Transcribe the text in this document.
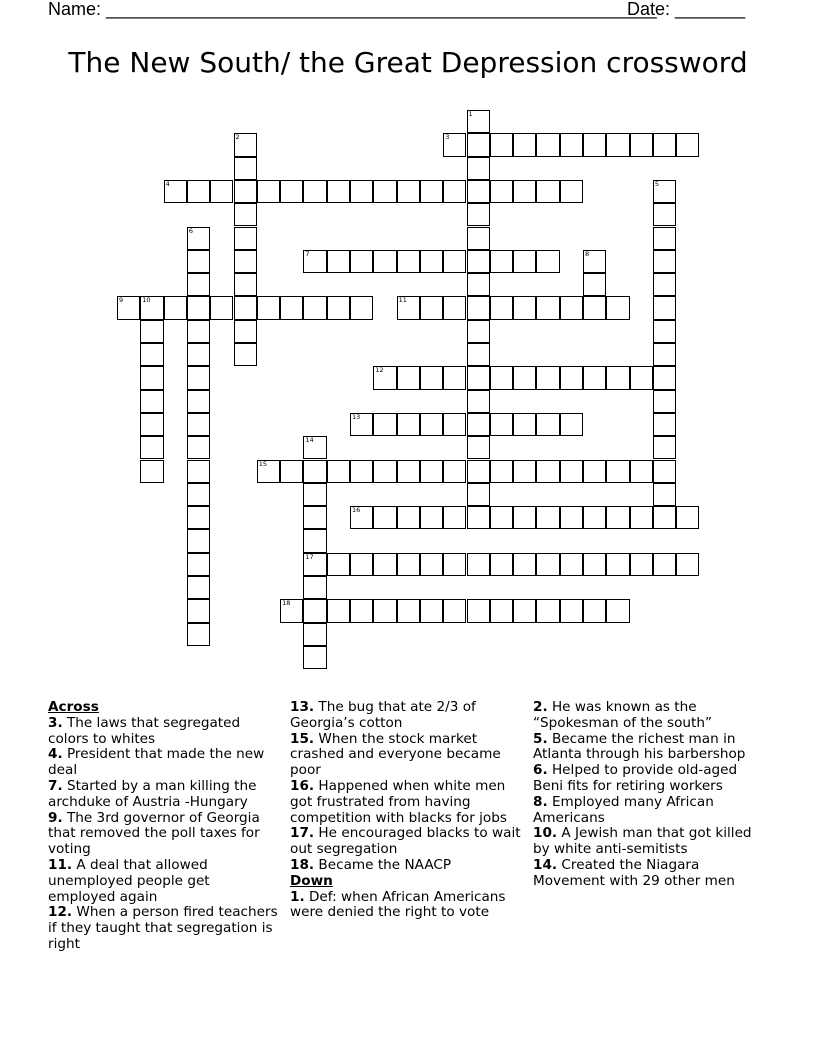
Name: _______________________________________________________
Date: _______
The New South/ the Great Depression crossword
1
2	3
4	5
6
7	8
9	10	11
12
13
14
17
15
16
18
Across
3. The laws that segregated colors to whites
4. President that made the new deal
7. Started by a man killing the archduke of Austria -Hungary
9. The 3rd governor of Georgia that removed the poll taxes for voting
11. A deal that allowed unemployed people get employed again
12. When a person fired teachers if they taught that segregation is right
13. The bug that ate 2/3 of Georgia’s cotton
15. When the stock market crashed and everyone became poor
16. Happened when white men got frustrated from having competition with blacks for jobs
17. He encouraged blacks to wait out segregation
18. Became the NAACP
Down
1. Def: when African Americans were denied the right to vote
2. He was known as the “Spokesman of the south”
5. Became the richest man in Atlanta through his barbershop
6. Helped to provide old-aged Beni fits for retiring workers
8. Employed many African Americans
10. A Jewish man that got killed by white anti-semitists
14. Created the Niagara Movement with 29 other men
